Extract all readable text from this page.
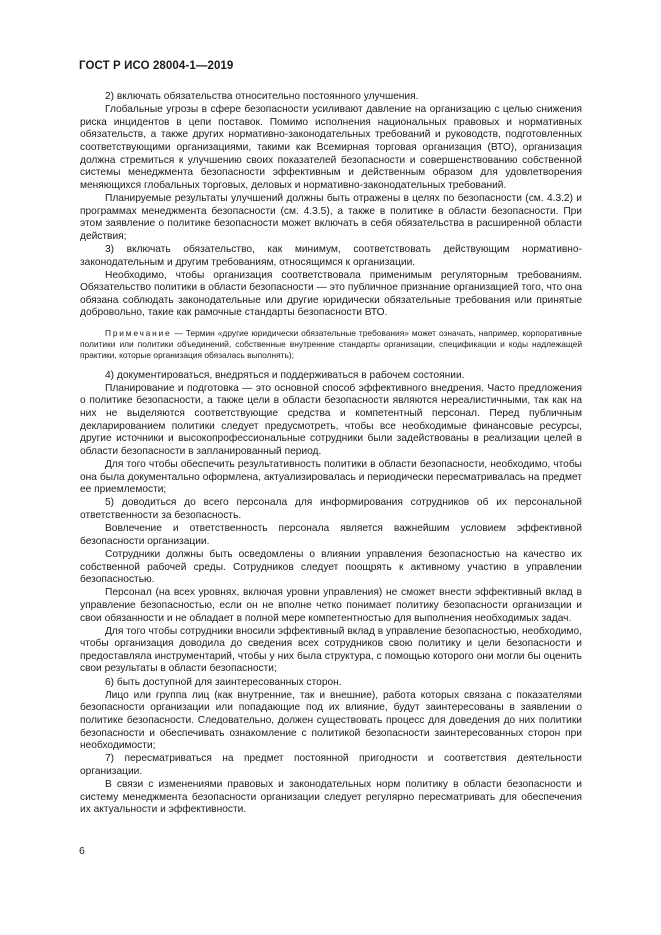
ГОСТ Р ИСО 28004-1—2019

2) включать обязательства относительно постоянного улучшения.

Глобальные угрозы в сфере безопасности усиливают давление на организацию с целью снижения риска инцидентов в цепи поставок. Помимо исполнения национальных правовых и нормативных обязательств, а также других нормативно-законодательных требований и руководств, подготовленных соответствующими организациями, такими как Всемирная торговая организация (ВТО), организация должна стремиться к улучшению своих показателей безопасности и совершенствованию собственной системы менеджмента безопасности эффективным и действенным образом для удовлетворения меняющихся глобальных торговых, деловых и нормативно-законодательных требований.

Планируемые результаты улучшений должны быть отражены в целях по безопасности (см. 4.3.2) и программах менеджмента безопасности (см. 4.3.5), а также в политике в области безопасности. При этом заявление о политике безопасности может включать в себя обязательства в расширенной области действия;

3) включать обязательство, как минимум, соответствовать действующим нормативно-законодательным и другим требованиям, относящимся к организации.

Необходимо, чтобы организация соответствовала применимым регуляторным требованиям. Обязательство политики в области безопасности — это публичное признание организацией того, что она обязана соблюдать законодательные или другие юридически обязательные требования или принятые добровольно, такие как рамочные стандарты безопасности ВТО.

Примечание — Термин «другие юридически обязательные требования» может означать, например, корпоративные политики или политики объединений, собственные внутренние стандарты организации, спецификации и коды надлежащей практики, которые организация обязалась выполнять);

4) документироваться, внедряться и поддерживаться в рабочем состоянии.

Планирование и подготовка — это основной способ эффективного внедрения. Часто предложения о политике безопасности, а также цели в области безопасности являются нереалистичными, так как на них не выделяются соответствующие средства и компетентный персонал. Перед публичным декларированием политики следует предусмотреть, чтобы все необходимые финансовые ресурсы, другие источники и высокопрофессиональные сотрудники были задействованы в реализации целей в области безопасности в запланированный период.

Для того чтобы обеспечить результативность политики в области безопасности, необходимо, чтобы она была документально оформлена, актуализировалась и периодически пересматривалась на предмет ее приемлемости;

5) доводиться до всего персонала для информирования сотрудников об их персональной ответственности за безопасность.

Вовлечение и ответственность персонала является важнейшим условием эффективной безопасности организации.

Сотрудники должны быть осведомлены о влиянии управления безопасностью на качество их собственной рабочей среды. Сотрудников следует поощрять к активному участию в управлении безопасностью.

Персонал (на всех уровнях, включая уровни управления) не сможет внести эффективный вклад в управление безопасностью, если он не вполне четко понимает политику безопасности организации и свои обязанности и не обладает в полной мере компетентностью для выполнения необходимых задач.

Для того чтобы сотрудники вносили эффективный вклад в управление безопасностью, необходимо, чтобы организация доводила до сведения всех сотрудников свою политику и цели безопасности и предоставляла инструментарий, чтобы у них была структура, с помощью которого они могли бы оценить свои результаты в области безопасности;

6) быть доступной для заинтересованных сторон.

Лицо или группа лиц (как внутренние, так и внешние), работа которых связана с показателями безопасности организации или попадающие под их влияние, будут заинтересованы в заявлении о политике безопасности. Следовательно, должен существовать процесс для доведения до них политики безопасности и обеспечивать ознакомление с политикой безопасности заинтересованных сторон при необходимости;

7) пересматриваться на предмет постоянной пригодности и соответствия деятельности организации.

В связи с изменениями правовых и законодательных норм политику в области безопасности и систему менеджмента безопасности организации следует регулярно пересматривать для обеспечения их актуальности и эффективности.

6
